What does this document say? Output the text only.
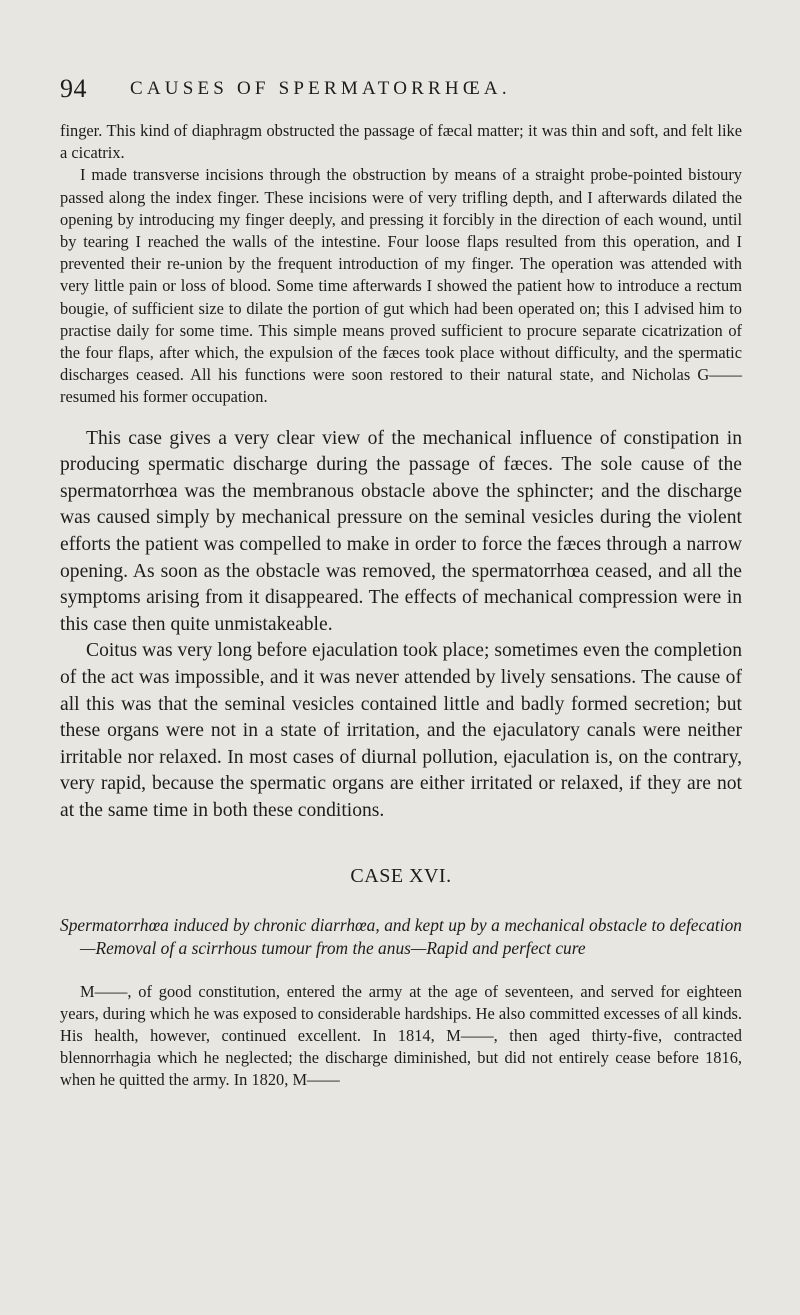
94 CAUSES OF SPERMATORRHŒA.

finger. This kind of diaphragm obstructed the passage of fæcal matter; it was thin and soft, and felt like a cicatrix.

I made transverse incisions through the obstruction by means of a straight probe-pointed bistoury passed along the index finger. These incisions were of very trifling depth, and I afterwards dilated the opening by introducing my finger deeply, and pressing it forcibly in the direction of each wound, until by tearing I reached the walls of the intestine. Four loose flaps resulted from this operation, and I prevented their re-union by the frequent introduction of my finger. The operation was attended with very little pain or loss of blood. Some time afterwards I showed the patient how to introduce a rectum bougie, of sufficient size to dilate the portion of gut which had been operated on; this I advised him to practise daily for some time. This simple means proved sufficient to procure separate cicatrization of the four flaps, after which, the expulsion of the fæces took place without difficulty, and the spermatic discharges ceased. All his functions were soon restored to their natural state, and Nicholas G—— resumed his former occupation.

This case gives a very clear view of the mechanical influence of constipation in producing spermatic discharge during the passage of fæces. The sole cause of the spermatorrhœa was the membranous obstacle above the sphincter; and the discharge was caused simply by mechanical pressure on the seminal vesicles during the violent efforts the patient was compelled to make in order to force the fæces through a narrow opening. As soon as the obstacle was removed, the spermatorrhœa ceased, and all the symptoms arising from it disappeared. The effects of mechanical compression were in this case then quite unmistakeable.

Coitus was very long before ejaculation took place; sometimes even the completion of the act was impossible, and it was never attended by lively sensations. The cause of all this was that the seminal vesicles contained little and badly formed secretion; but these organs were not in a state of irritation, and the ejaculatory canals were neither irritable nor relaxed. In most cases of diurnal pollution, ejaculation is, on the contrary, very rapid, because the spermatic organs are either irritated or relaxed, if they are not at the same time in both these conditions.

CASE XVI.
Spermatorrhœa induced by chronic diarrhœa, and kept up by a mechanical obstacle to defecation—Removal of a scirrhous tumour from the anus—Rapid and perfect cure

M——, of good constitution, entered the army at the age of seventeen, and served for eighteen years, during which he was exposed to considerable hardships. He also committed excesses of all kinds. His health, however, continued excellent. In 1814, M——, then aged thirty-five, contracted blennorrhagia which he neglected; the discharge diminished, but did not entirely cease before 1816, when he quitted the army. In 1820, M——
